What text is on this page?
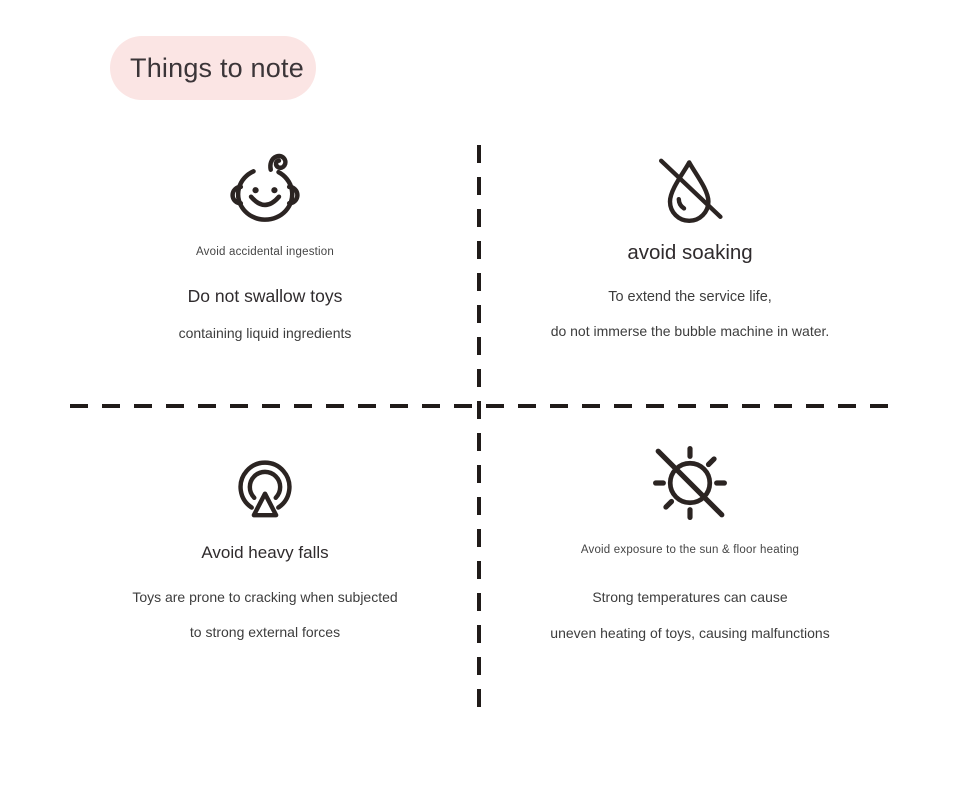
Things to note
Avoid accidental ingestion
Do not swallow toys
containing liquid ingredients
avoid soaking
To extend the service life,
do not immerse the bubble machine in water.
Avoid heavy falls
Toys are prone to cracking when subjected
to strong external forces
Avoid exposure to the sun & floor heating
Strong temperatures can cause
uneven heating of toys, causing malfunctions
